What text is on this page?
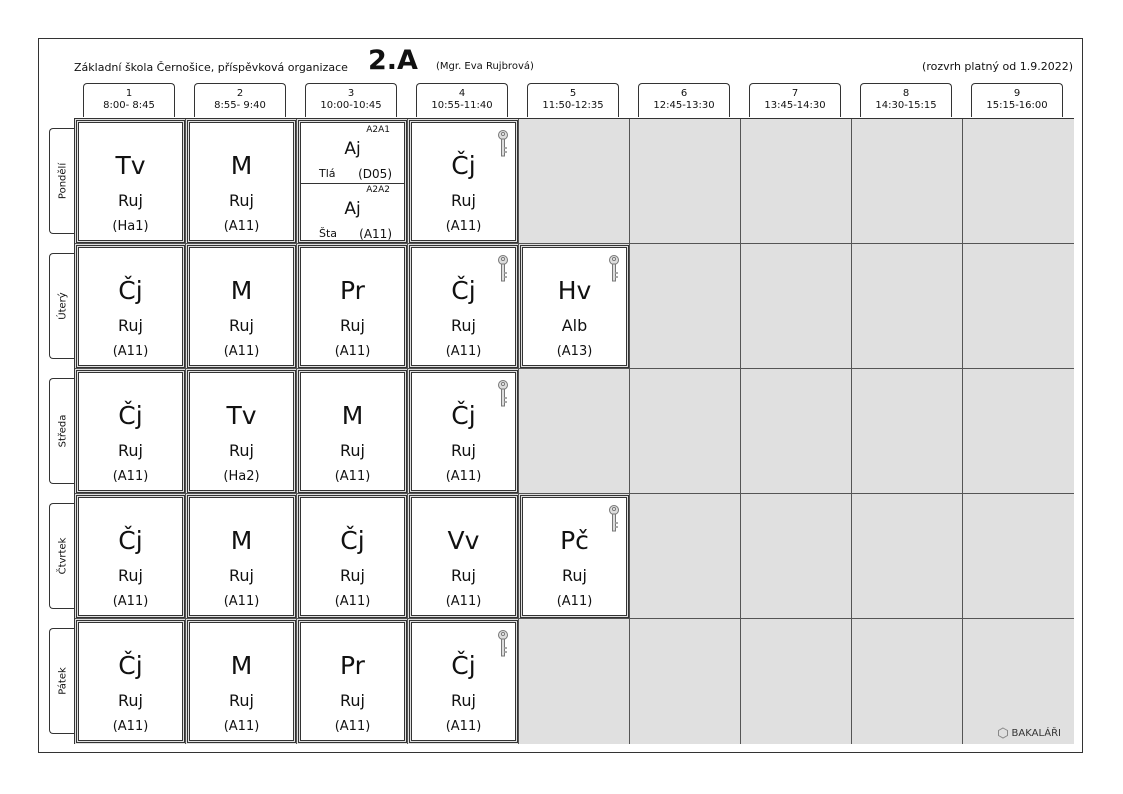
Základní škola Černošice, příspěvková organizace 2.A (Mgr. Eva Rujbrová)	(rozvrh platný od 1.9.2022)
1
8:00- 8:45
2
8:55- 9:40
3
10:00-10:45
4
10:55-11:40
5
11:50-12:35
6
12:45-13:30
7
13:45-14:30
8
14:30-15:15
9
15:15-16:00
Pondělí
Úterý
Středa
Čtvrtek
Pátek
BAKALÁŘI
Tv
Ruj
(Ha1)
M
Ruj
(A11)
A2A1
Aj
Tlá (D05)
A2A2
Aj
Šta (A11)
Čj
Ruj
(A11)
Čj
Ruj
(A11)
M
Ruj
(A11)
Pr
Ruj
(A11)
Čj
Ruj
(A11)
Hv
Alb
(A13)
Čj
Ruj
(A11)
Tv
Ruj
(Ha2)
M
Ruj
(A11)
Čj
Ruj
(A11)
Čj
Ruj
(A11)
M
Ruj
(A11)
Čj
Ruj
(A11)
Vv
Ruj
(A11)
Pč
Ruj
(A11)
Čj
Ruj
(A11)
M
Ruj
(A11)
Pr
Ruj
(A11)
Čj
Ruj
(A11)
